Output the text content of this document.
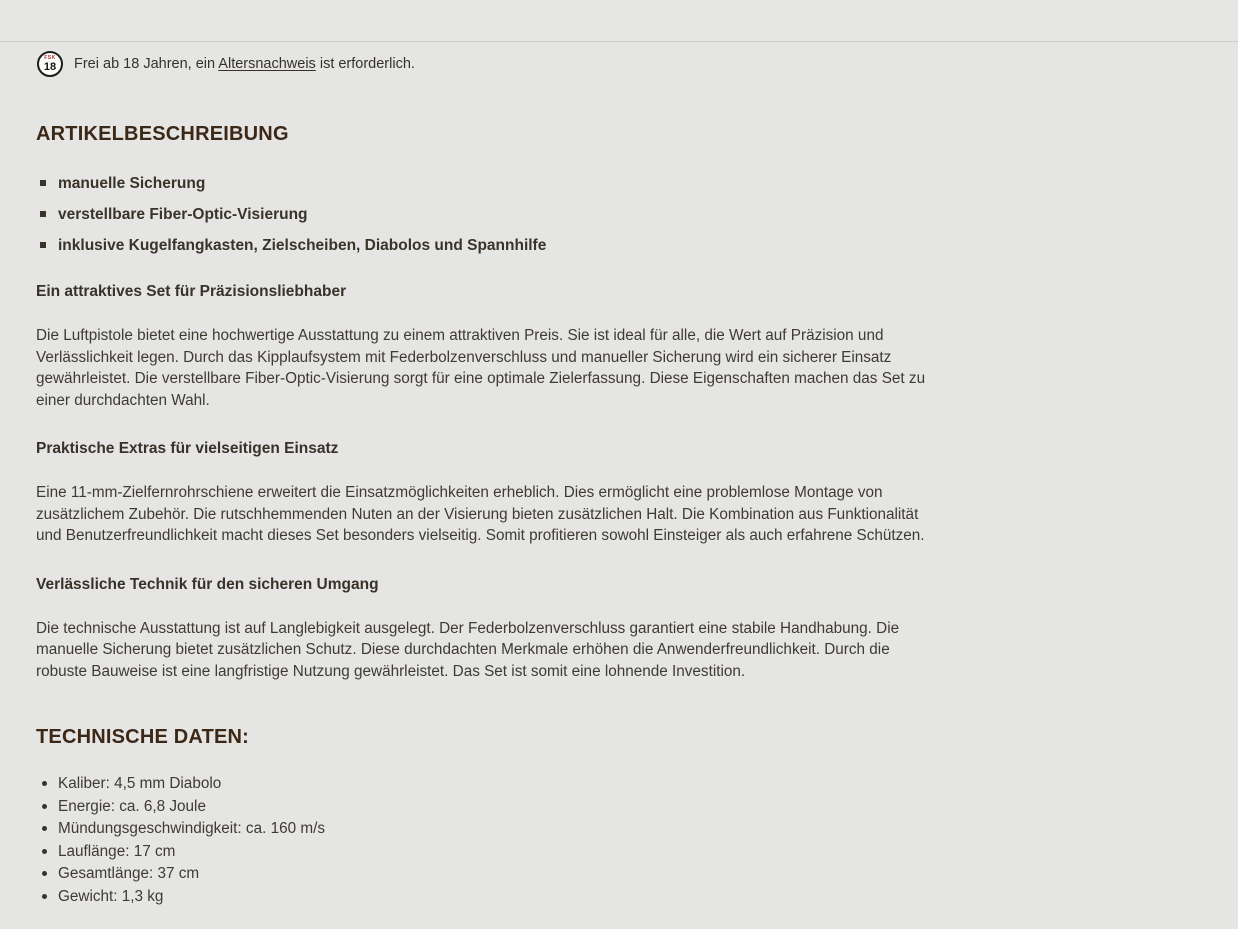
FSK
18 Frei ab 18 Jahren, ein Altersnachweis ist erforderlich.
ARTIKELBESCHREIBUNG
manuelle Sicherung
verstellbare Fiber-Optic-Visierung
inklusive Kugelfangkasten, Zielscheiben, Diabolos und Spannhilfe
Ein attraktives Set für Präzisionsliebhaber

Die Luftpistole bietet eine hochwertige Ausstattung zu einem attraktiven Preis. Sie ist ideal für alle, die Wert auf Präzision und Verlässlichkeit legen. Durch das Kipplaufsystem mit Federbolzenverschluss und manueller Sicherung wird ein sicherer Einsatz gewährleistet. Die verstellbare Fiber-Optic-Visierung sorgt für eine optimale Zielerfassung. Diese Eigenschaften machen das Set zu einer durchdachten Wahl.

Praktische Extras für vielseitigen Einsatz

Eine 11-mm-Zielfernrohrschiene erweitert die Einsatzmöglichkeiten erheblich. Dies ermöglicht eine problemlose Montage von zusätzlichem Zubehör. Die rutschhemmenden Nuten an der Visierung bieten zusätzlichen Halt. Die Kombination aus Funktionalität und Benutzerfreundlichkeit macht dieses Set besonders vielseitig. Somit profitieren sowohl Einsteiger als auch erfahrene Schützen.

Verlässliche Technik für den sicheren Umgang

Die technische Ausstattung ist auf Langlebigkeit ausgelegt. Der Federbolzenverschluss garantiert eine stabile Handhabung. Die manuelle Sicherung bietet zusätzlichen Schutz. Diese durchdachten Merkmale erhöhen die Anwenderfreundlichkeit. Durch die robuste Bauweise ist eine langfristige Nutzung gewährleistet. Das Set ist somit eine lohnende Investition.

TECHNISCHE DATEN:
Kaliber: 4,5 mm Diabolo
Energie: ca. 6,8 Joule
Mündungsgeschwindigkeit: ca. 160 m/s
Lauflänge: 17 cm
Gesamtlänge: 37 cm
Gewicht: 1,3 kg
